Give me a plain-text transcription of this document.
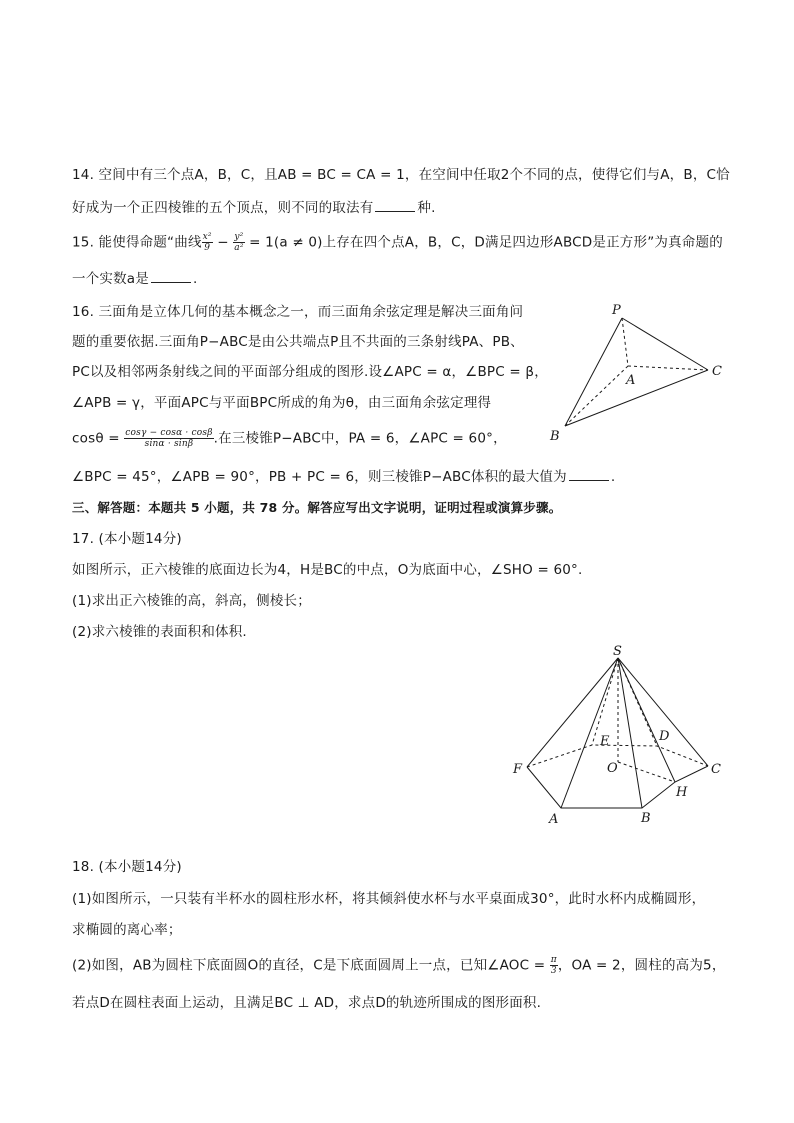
14. 空间中有三个点A，B，C，且AB = BC = CA = 1，在空间中任取2个不同的点，使得它们与A，B，C恰
好成为一个正四棱锥的五个顶点，则不同的取法有	种.
15. 能使得命题“曲线 $\frac{\text{x²}}{9} - \frac{\text{y²}}{\text{a²}} = 1(a \ne 0)$上存在四个点A，B，C，D满足四边形ABCD是正方形”为真命题的
一个实数a是	.
16. 三面角是立体几何的基本概念之一，而三面角余弦定理是解决三面角问
题的重要依据.三面角P−ABC是由公共端点P且不共面的三条射线PA、PB、
PC以及相邻两条射线之间的平面部分组成的图形.设∠APC = α，∠BPC = β，
∠APB = γ，平面APC与平面BPC所成的角为θ，由三面角余弦定理得
$\cos\theta = \frac{\cos\gamma - \cos\alpha \cdot \cos\beta}{\sin\alpha \cdot \sin\beta}$ .在三棱锥P−ABC中，PA = 6，∠APC = 60°，
∠BPC = 45°，∠APB = 90°，PB + PC = 6，则三棱锥P−ABC体积的最大值为	.
P
A
B
C
三、解答题：本题共 5 小题，共 78 分。解答应写出文字说明，证明过程或演算步骤。
17. (本小题14分)
如图所示，正六棱锥的底面边长为4，H是BC的中点，O为底面中心，∠SHO = 60°.
(1)求出正六棱锥的高，斜高，侧棱长；
(2)求六棱锥的表面积和体积.
S
E	D
F	O	C
H
A	B
18. (本小题14分)
(1)如图所示，一只装有半杯水的圆柱形水杯，将其倾斜使水杯与水平桌面成30°，此时水杯内成椭圆形，
求椭圆的离心率；
(2)如图，AB为圆柱下底面圆O的直径，C是下底面圆周上一点，已知∠AOC = $\frac{\pi}{3}$ ，OA = 2，圆柱的高为5，
若点D在圆柱表面上运动，且满足BC ⊥ AD，求点D的轨迹所围成的图形面积.
